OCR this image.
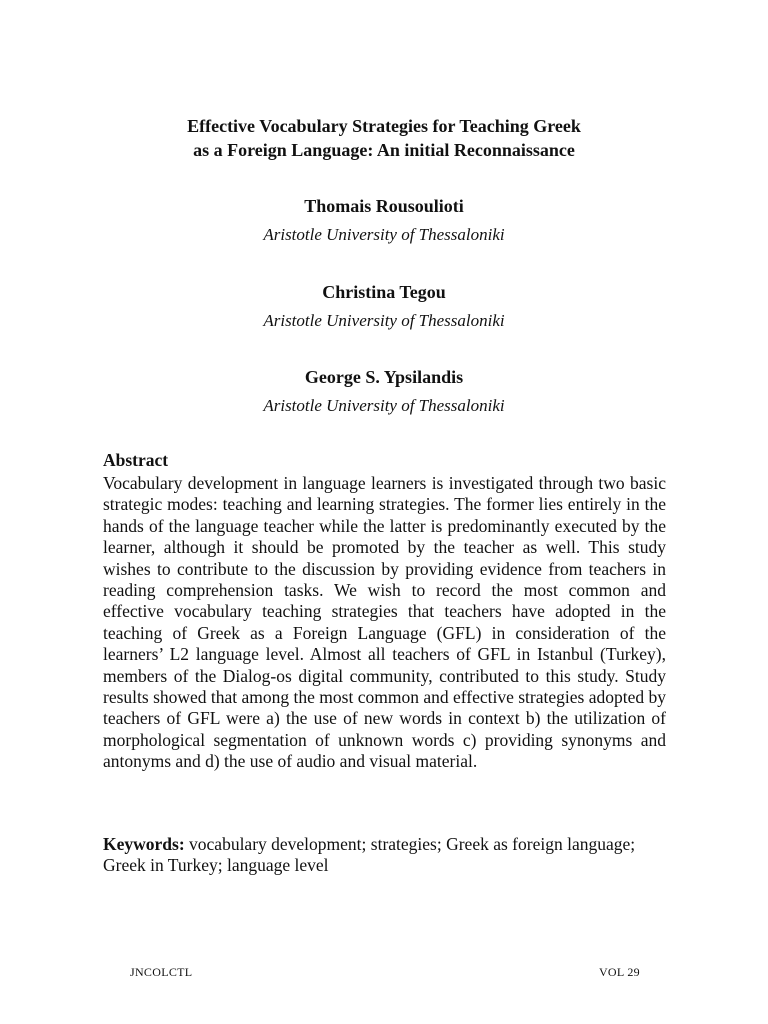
Effective Vocabulary Strategies for Teaching Greek
as a Foreign Language: An initial Reconnaissance
Thomais Rousoulioti
Aristotle University of Thessaloniki
Christina Tegou
Aristotle University of Thessaloniki
George S. Ypsilandis
Aristotle University of Thessaloniki
Abstract
Vocabulary development in language learners is investigated through two basic strategic modes: teaching and learning strategies. The former lies entirely in the hands of the language teacher while the latter is predominantly executed by the learner, although it should be promoted by the teacher as well. This study wishes to contribute to the discussion by providing evidence from teachers in reading comprehension tasks. We wish to record the most common and effective vocabulary teaching strategies that teachers have adopted in the teaching of Greek as a Foreign Language (GFL) in consideration of the learners’ L2 language level. Almost all teachers of GFL in Istanbul (Turkey), members of the Dialog-os digital community, contributed to this study. Study results showed that among the most common and effective strategies adopted by teachers of GFL were a) the use of new words in context b) the utilization of morphological segmentation of unknown words c) providing synonyms and antonyms and d) the use of audio and visual material.
Keywords: vocabulary development; strategies; Greek as foreign language; Greek in Turkey; language level
JNCOLCTL	VOL 29
